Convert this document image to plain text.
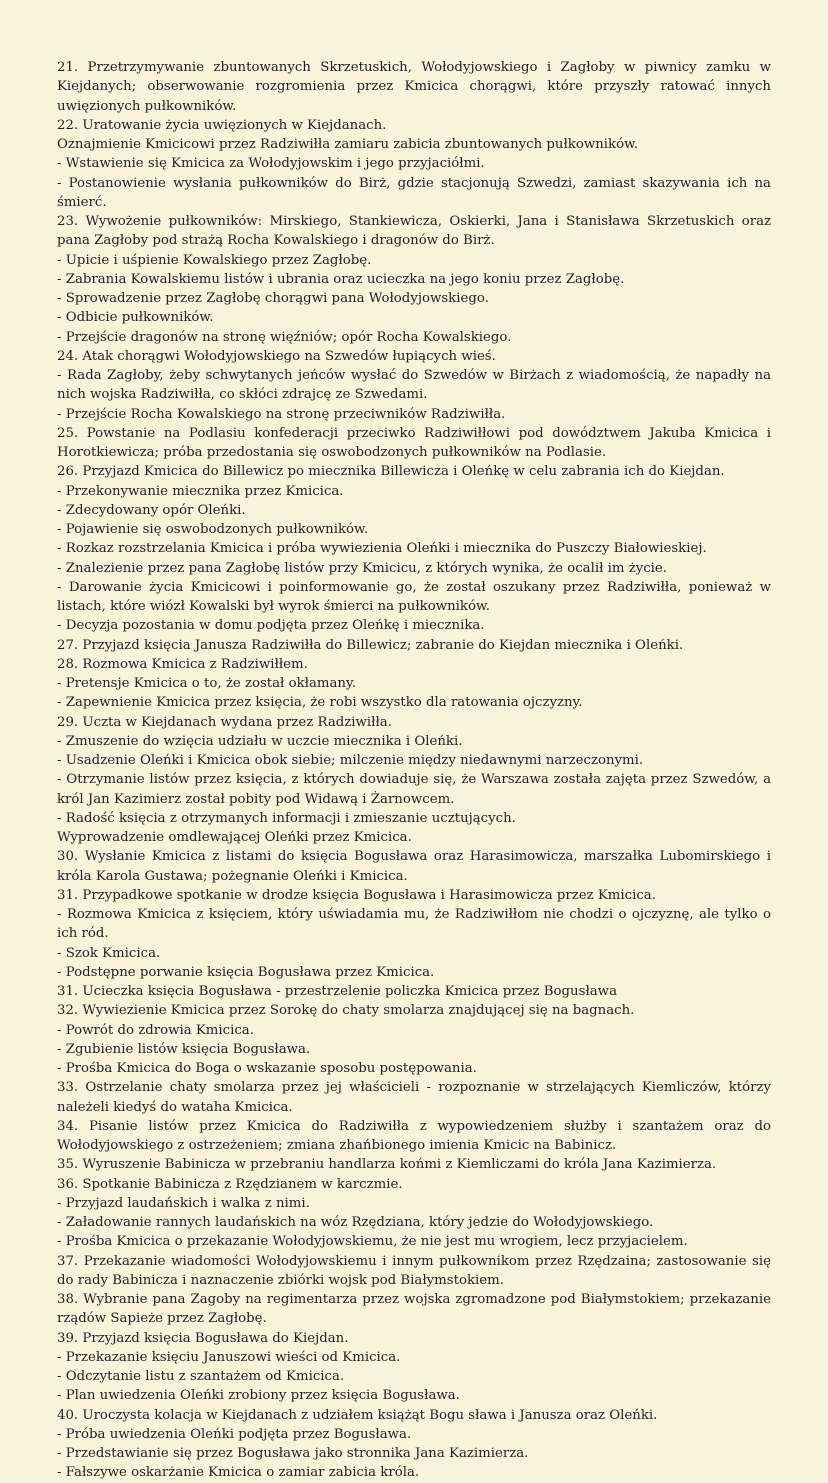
21. Przetrzymywanie zbuntowanych Skrzetuskich, Wołodyjowskiego i Zagłoby w piwnicy zamku w Kiejdanych; obserwowanie rozgromienia przez Kmicica chorągwi, które przyszły ratować innych uwięzionych pułkowników.

22. Uratowanie życia uwięzionych w Kiejdanach.

Oznajmienie Kmicicowi przez Radziwiłła zamiaru zabicia zbuntowanych pułkowników.

- Wstawienie się Kmicica za Wołodyjowskim i jego przyjaciółmi.

- Postanowienie wysłania pułkowników do Birż, gdzie stacjonują Szwedzi, zamiast skazywania ich na śmierć.

23. Wywożenie pułkowników: Mirskiego, Stankiewicza, Oskierki, Jana i Stanisława Skrzetuskich oraz pana Zagłoby pod strażą Rocha Kowalskiego i dragonów do Birż.

- Upicie i uśpienie Kowalskiego przez Zagłobę.

- Zabrania Kowalskiemu listów i ubrania oraz ucieczka na jego koniu przez Zagłobę.

- Sprowadzenie przez Zagłobę chorągwi pana Wołodyjowskiego.

- Odbicie pułkowników.

- Przejście dragonów na stronę więźniów; opór Rocha Kowalskiego.

24. Atak chorągwi Wołodyjowskiego na Szwedów łupiących wieś.

- Rada Zagłoby, żeby schwytanych jeńców wysłać do Szwedów w Birżach z wiadomością, że napadły na nich wojska Radziwiłła, co skłóci zdrajcę ze Szwedami.

- Przejście Rocha Kowalskiego na stronę przeciwników Radziwiłła.

25. Powstanie na Podlasiu konfederacji przeciwko Radziwiłłowi pod dowództwem Jakuba Kmicica i Horotkiewicza; próba przedostania się oswobodzonych pułkowników na Podlasie.

26. Przyjazd Kmicica do Billewicz po miecznika Billewicza i Oleńkę w celu zabrania ich do Kiejdan.

- Przekonywanie miecznika przez Kmicica.

- Zdecydowany opór Oleńki.

- Pojawienie się oswobodzonych pułkowników.

- Rozkaz rozstrzelania Kmicica i próba wywiezienia Oleńki i miecznika do Puszczy Białowieskiej.

- Znalezienie przez pana Zagłobę listów przy Kmicicu, z których wynika, że ocalił im życie.

- Darowanie życia Kmicicowi i poinformowanie go, że został oszukany przez Radziwiłła, ponieważ w listach, które wiózł Kowalski był wyrok śmierci na pułkowników.

- Decyzja pozostania w domu podjęta przez Oleńkę i miecznika.

27. Przyjazd księcia Janusza Radziwiłła do Billewicz; zabranie do Kiejdan miecznika i Oleńki.

28. Rozmowa Kmicica z Radziwiłłem.

- Pretensje Kmicica o to, że został okłamany.

- Zapewnienie Kmicica przez księcia, że robi wszystko dla ratowania ojczyzny.

29. Uczta w Kiejdanach wydana przez Radziwiłła.

- Zmuszenie do wzięcia udziału w uczcie miecznika i Oleńki.

- Usadzenie Oleńki i Kmicica obok siebie; milczenie między niedawnymi narzeczonymi.

- Otrzymanie listów przez księcia, z których dowiaduje się, że Warszawa została zajęta przez Szwedów, a król Jan Kazimierz został pobity pod Widawą i Żarnowcem.

- Radość księcia z otrzymanych informacji i zmieszanie ucztujących.

Wyprowadzenie omdlewającej Oleńki przez Kmicica.

30. Wysłanie Kmicica z listami do księcia Bogusława oraz Harasimowicza, marszałka Lubomirskiego i króla Karola Gustawa; pożegnanie Oleńki i Kmicica.

31. Przypadkowe spotkanie w drodze księcia Bogusława i Harasimowicza przez Kmicica.

- Rozmowa Kmicica z księciem, który uświadamia mu, że Radziwiłłom nie chodzi o ojczyznę, ale tylko o ich ród.

- Szok Kmicica.

- Podstępne porwanie księcia Bogusława przez Kmicica.

31. Ucieczka księcia Bogusława - przestrzelenie policzka Kmicica przez Bogusława

32. Wywiezienie Kmicica przez Sorokę do chaty smolarza znajdującej się na bagnach.

- Powrót do zdrowia Kmicica.

- Zgubienie listów księcia Bogusława.

- Prośba Kmicica do Boga o wskazanie sposobu postępowania.

33. Ostrzelanie chaty smolarza przez jej właścicieli - rozpoznanie w strzelających Kiemliczów, którzy należeli kiedyś do wataha Kmicica.

34. Pisanie listów przez Kmicica do Radziwiłła z wypowiedzeniem służby i szantażem oraz do Wołodyjowskiego z ostrzeżeniem; zmiana zhańbionego imienia Kmicic na Babinicz.

35. Wyruszenie Babinicza w przebraniu handlarza końmi z Kiemliczami do króla Jana Kazimierza.

36. Spotkanie Babinicza z Rzędzianem w karczmie.

- Przyjazd laudańskich i walka z nimi.

- Załadowanie rannych laudańskich na wóz Rzędziana, który jedzie do Wołodyjowskiego.

- Prośba Kmicica o przekazanie Wołodyjowskiemu, że nie jest mu wrogiem, lecz przyjacielem.

37. Przekazanie wiadomości Wołodyjowskiemu i innym pułkownikom przez Rzędzaina; zastosowanie się do rady Babinicza i naznaczenie zbiórki wojsk pod Białymstokiem.

38. Wybranie pana Zagoby na regimentarza przez wojska zgromadzone pod Białymstokiem; przekazanie rządów Sapieże przez Zagłobę.

39. Przyjazd księcia Bogusława do Kiejdan.

- Przekazanie księciu Januszowi wieści od Kmicica.

- Odczytanie listu z szantażem od Kmicica.

- Plan uwiedzenia Oleńki zrobiony przez księcia Bogusława.

40. Uroczysta kolacja w Kiejdanach z udziałem książąt Bogu sława i Janusza oraz Oleńki.

- Próba uwiedzenia Oleńki podjęta przez Bogusława.

- Przedstawianie się przez Bogusława jako stronnika Jana Kazimierza.

- Fałszywe oskarżanie Kmicica o zamiar zabicia króla.
